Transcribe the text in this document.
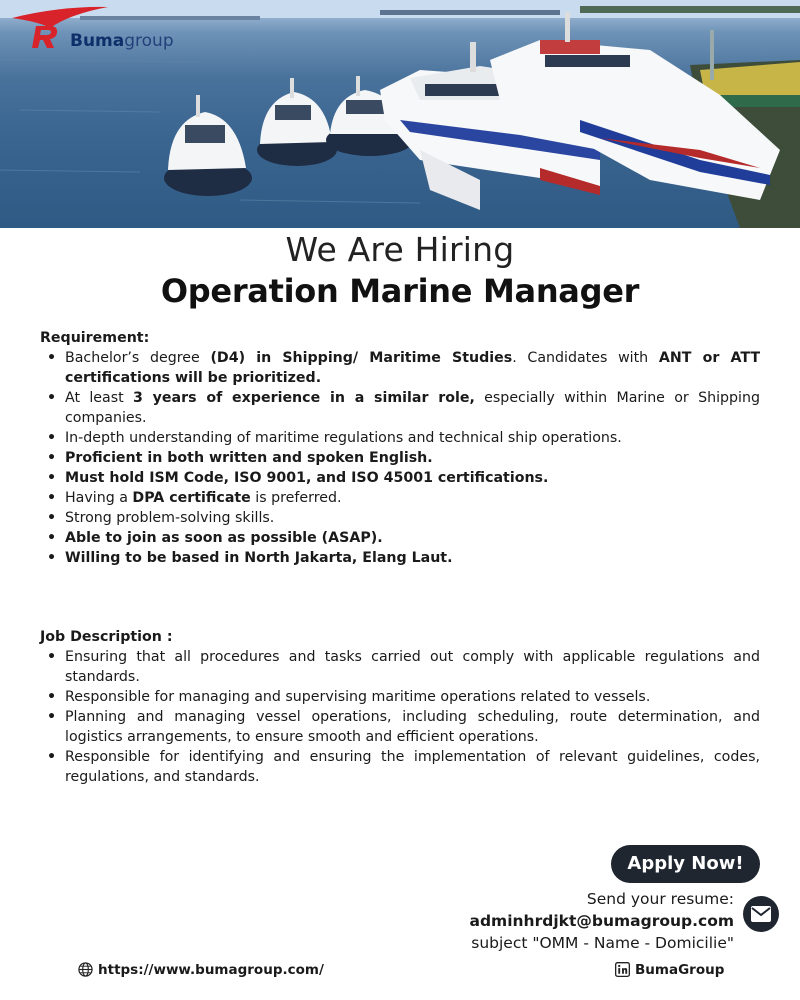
Bumagroup
We Are Hiring
Operation Marine Manager
Requirement:
• Bachelor’s degree (D4) in Shipping/ Maritime Studies. Candidates with ANT or ATT certifications will be prioritized.
• At least 3 years of experience in a similar role, especially within Marine or Shipping companies.
• In-depth understanding of maritime regulations and technical ship operations.
• Proficient in both written and spoken English.
• Must hold ISM Code, ISO 9001, and ISO 45001 certifications.
• Having a DPA certificate is preferred.
• Strong problem-solving skills.
• Able to join as soon as possible (ASAP).
• Willing to be based in North Jakarta, Elang Laut.
Job Description :
• Ensuring that all procedures and tasks carried out comply with applicable regulations and standards.
• Responsible for managing and supervising maritime operations related to vessels.
• Planning and managing vessel operations, including scheduling, route determination, and logistics arrangements, to ensure smooth and efficient operations.
• Responsible for identifying and ensuring the implementation of relevant guidelines, codes, regulations, and standards.
Apply Now!
Send your resume:
adminhrdjkt@bumagroup.com
subject "OMM - Name - Domicilie"
https://www.bumagroup.com/	BumaGroup
